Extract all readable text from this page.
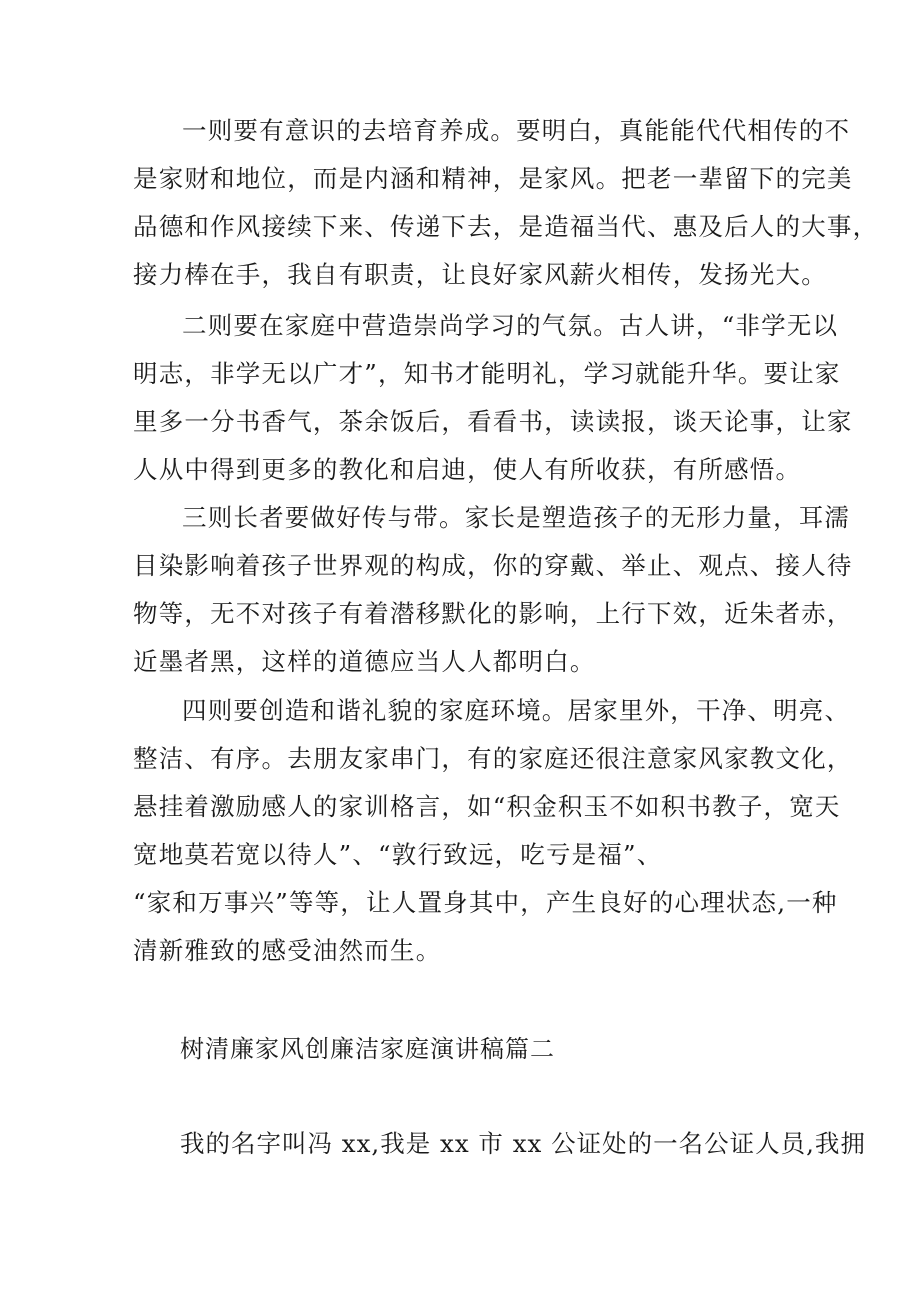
一则要有意识的去培育养成。要明白，真能能代代相传的不
是家财和地位，而是内涵和精神，是家风。把老一辈留下的完美
品德和作风接续下来、传递下去，是造福当代、惠及后人的大事，
接力棒在手，我自有职责，让良好家风薪火相传，发扬光大。
二则要在家庭中营造崇尚学习的气氛。古人讲，“非学无以
明志，非学无以广才”，知书才能明礼，学习就能升华。要让家
里多一分书香气，茶余饭后，看看书，读读报，谈天论事，让家
人从中得到更多的教化和启迪，使人有所收获，有所感悟。
三则长者要做好传与带。家长是塑造孩子的无形力量，耳濡
目染影响着孩子世界观的构成，你的穿戴、举止、观点、接人待
物等，无不对孩子有着潜移默化的影响，上行下效，近朱者赤，
近墨者黑，这样的道德应当人人都明白。
四则要创造和谐礼貌的家庭环境。居家里外，干净、明亮、
整洁、有序。去朋友家串门，有的家庭还很注意家风家教文化，
悬挂着激励感人的家训格言，如“积金积玉不如积书教子，宽天
宽地莫若宽以待人”、“敦行致远，吃亏是福”、
“家和万事兴”等等，让人置身其中，产生良好的心理状态,一种
清新雅致的感受油然而生。
树清廉家风创廉洁家庭演讲稿篇二
我的名字叫冯 xx,我是 xx 市 xx 公证处的一名公证人员,我拥
